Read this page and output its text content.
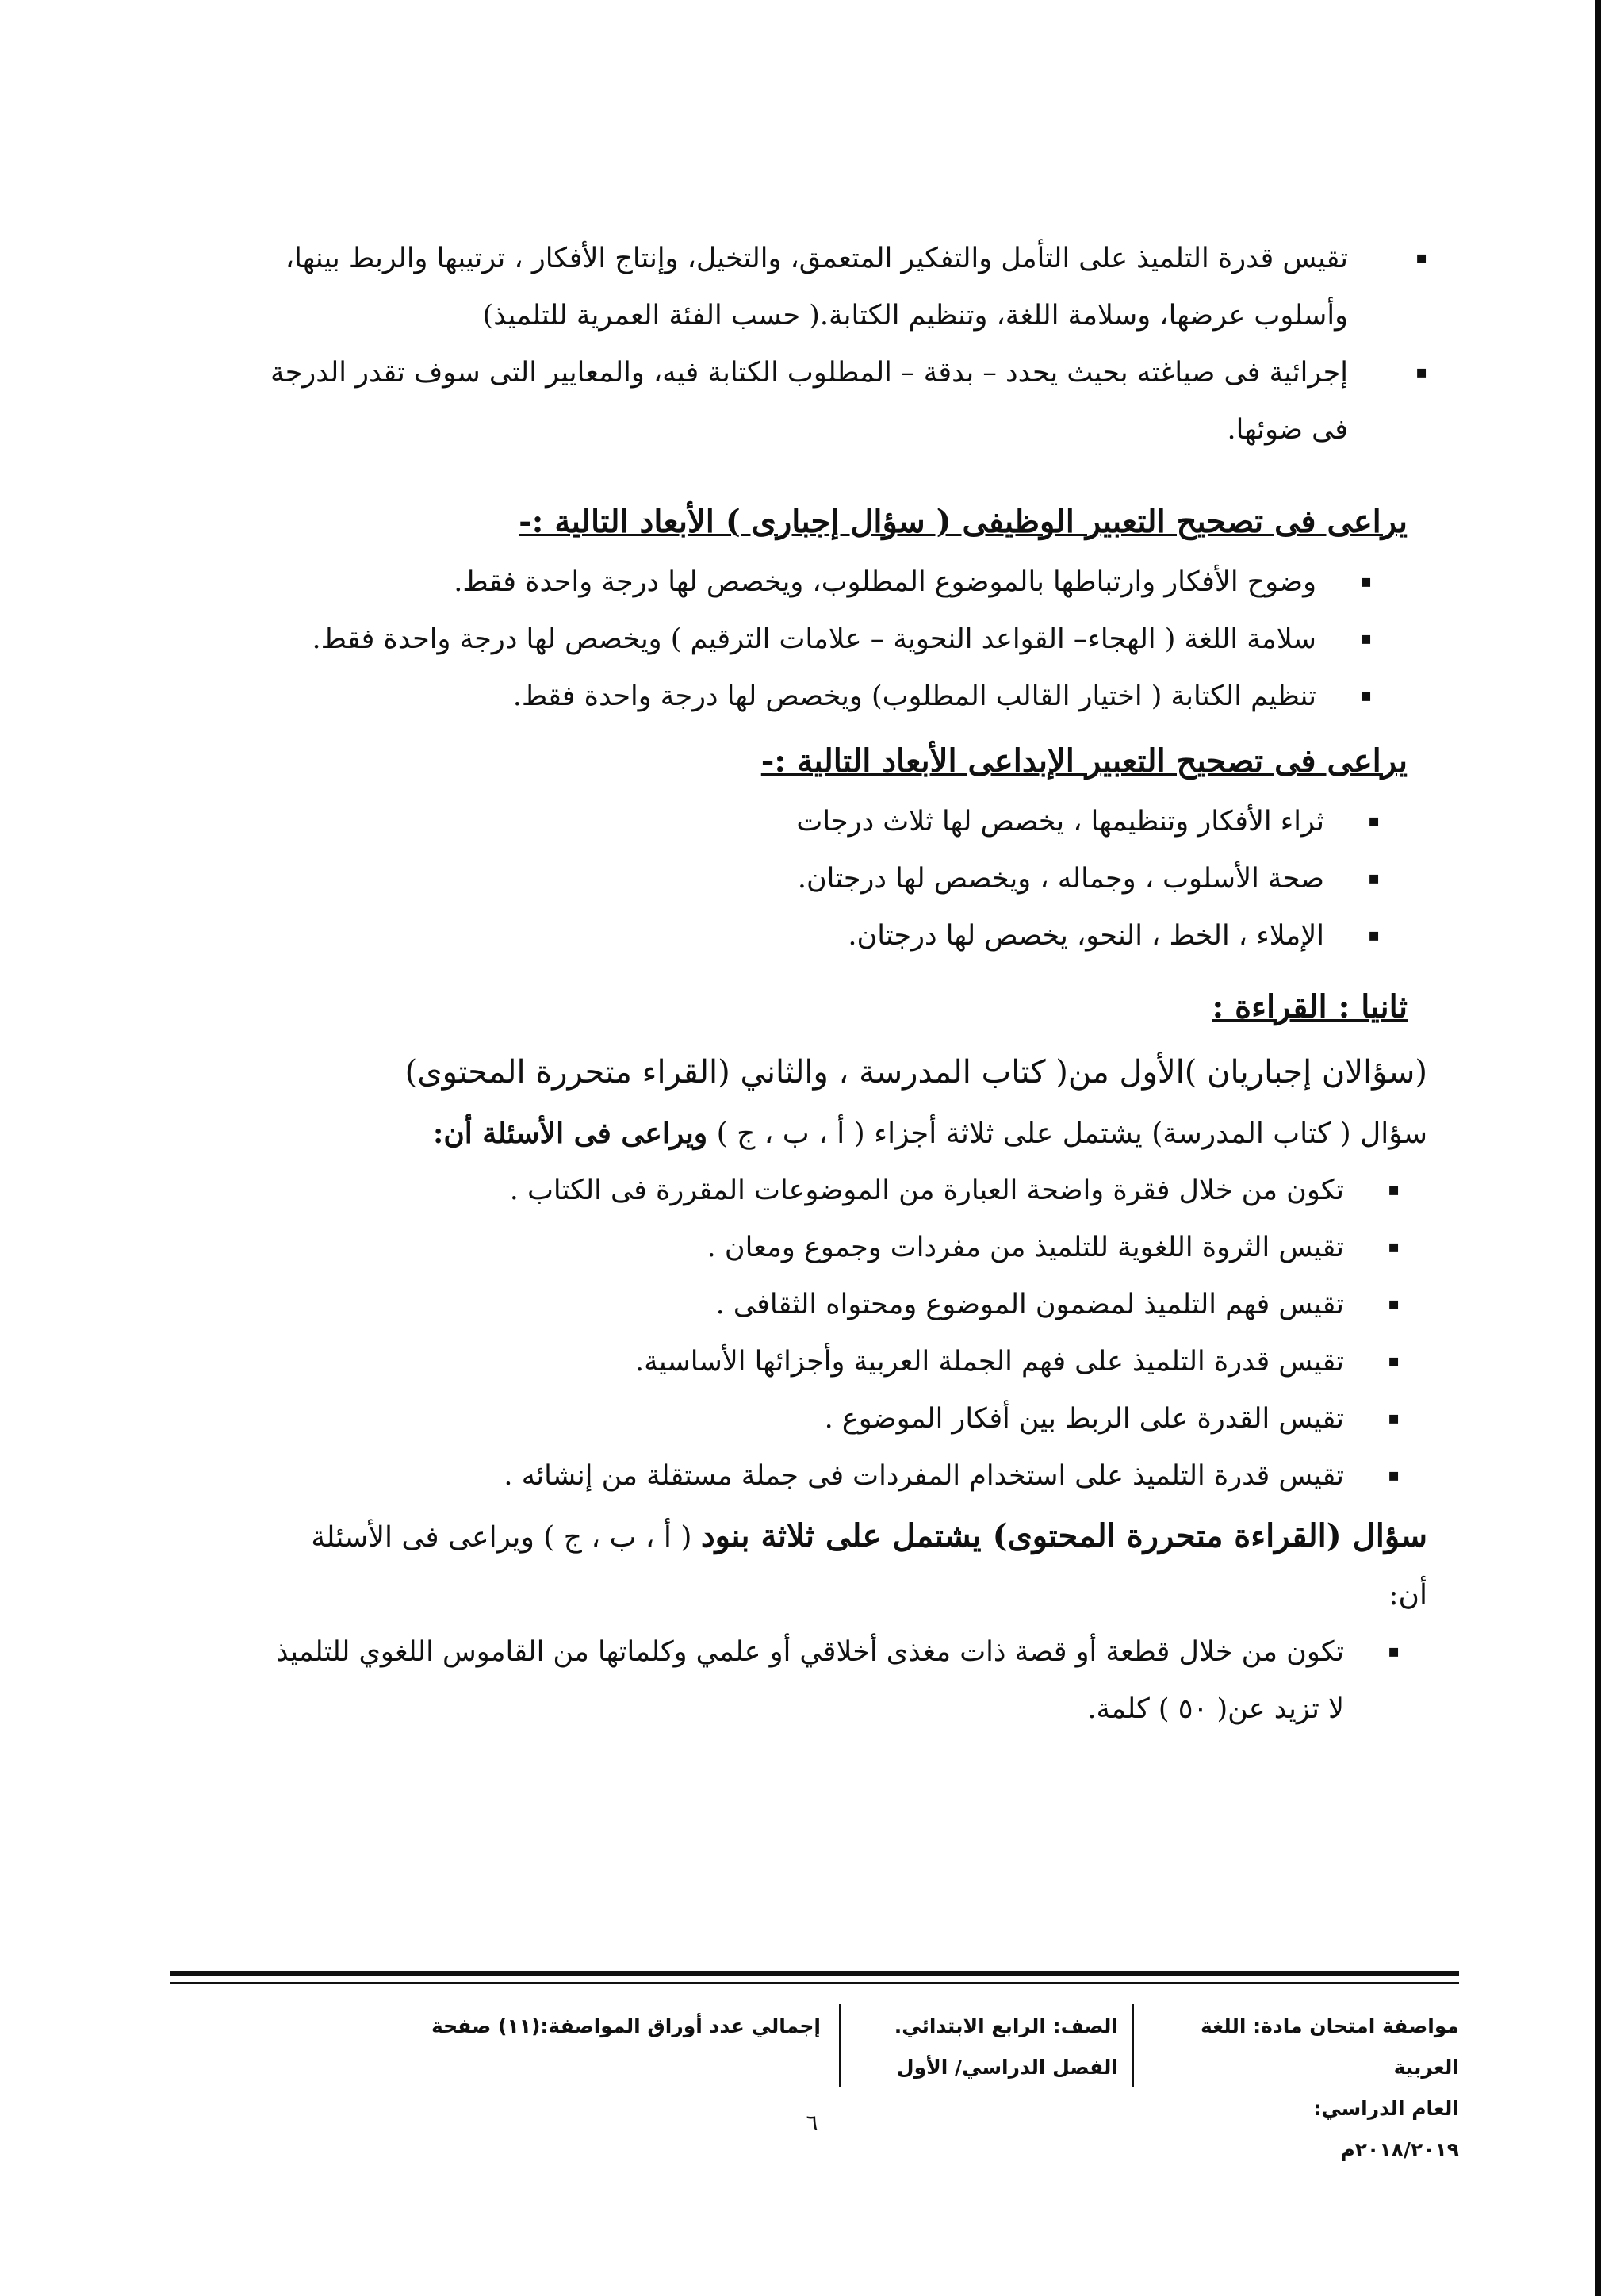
▪
تقيس قدرة التلميذ على التأمل والتفكير المتعمق، والتخيل، وإنتاج الأفكار ، ترتيبها والربط بينها، وأسلوب عرضها، وسلامة اللغة، وتنظيم الكتابة.( حسب الفئة العمرية للتلميذ)
▪
إجرائية فى صياغته بحيث يحدد – بدقة – المطلوب الكتابة فيه، والمعايير التى سوف تقدر الدرجة فى ضوئها.
يراعى فى تصحيح التعبير الوظيفى ( سؤال إجبارى ) الأبعاد التالية :-
▪
وضوح الأفكار وارتباطها بالموضوع المطلوب، ويخصص لها درجة واحدة فقط.
▪
سلامة اللغة ( الهجاء– القواعد النحوية – علامات الترقيم ) ويخصص لها درجة واحدة فقط.
▪
تنظيم الكتابة ( اختيار القالب المطلوب) ويخصص لها درجة واحدة فقط.
يراعى فى تصحيح التعبير الإبداعى الأبعاد التالية :-
▪
ثراء الأفكار وتنظيمها ، يخصص لها ثلاث درجات
▪
صحة الأسلوب ، وجماله ، ويخصص لها درجتان.
▪
الإملاء ، الخط ، النحو، يخصص لها درجتان.
ثانيا : القراءة :
(سؤالان إجباريان )الأول من( كتاب المدرسة ، والثاني (القراء متحررة المحتوى)
سؤال ( كتاب المدرسة) يشتمل على ثلاثة أجزاء ( أ ، ب ، ج ) ويراعى فى الأسئلة أن:
▪
تكون من خلال فقرة واضحة العبارة من الموضوعات المقررة فى الكتاب .
▪
تقيس الثروة اللغوية للتلميذ من مفردات وجموع ومعان .
▪
تقيس فهم التلميذ لمضمون الموضوع ومحتواه الثقافى .
▪
تقيس قدرة التلميذ على فهم الجملة العربية وأجزائها الأساسية.
▪
تقيس القدرة على الربط بين أفكار الموضوع .
▪
تقيس قدرة التلميذ على استخدام المفردات فى جملة مستقلة من إنشائه .
سؤال (القراءة متحررة المحتوى) يشتمل على ثلاثة بنود ( أ ، ب ، ج ) ويراعى فى الأسئلة أن:
▪
تكون من خلال قطعة أو قصة ذات مغذى أخلاقي أو علمي وكلماتها من القاموس اللغوي للتلميذ لا تزيد عن( ٥٠ ) كلمة.
مواصفة امتحان مادة: اللغة العربية
العام الدراسي: ٢٠١٨/٢٠١٩م
الصف: الرابع الابتدائي.
الفصل الدراسي/ الأول
إجمالي عدد أوراق المواصفة:(١١) صفحة
٦
